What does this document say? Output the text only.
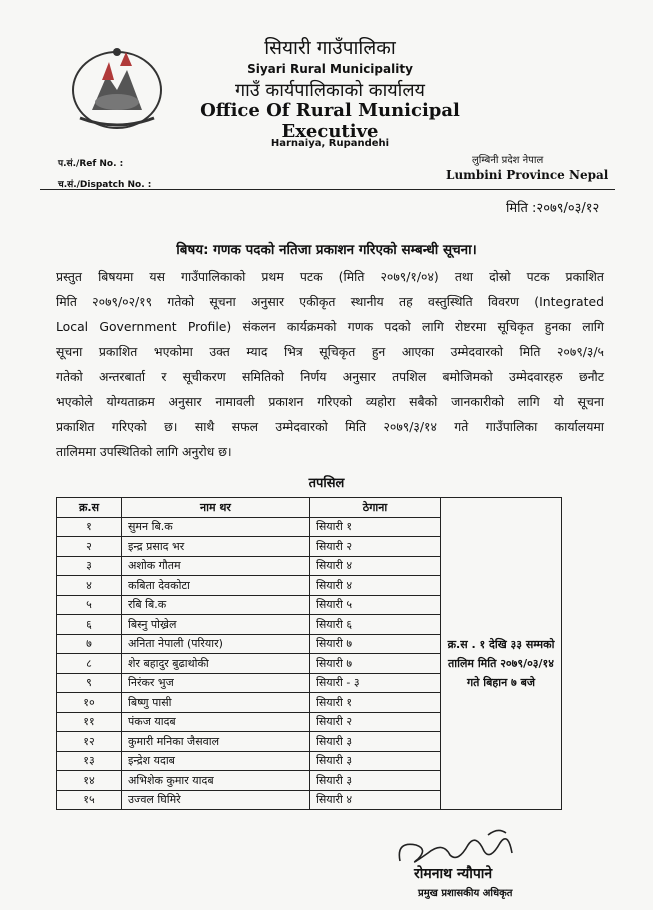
सियारी गाउँपालिका
Siyari Rural Municipality
गाउँ कार्यपालिकाको कार्यालय
Office Of Rural Municipal Executive
Harnaiya, Rupandehi
प.सं./Ref No. :
च.सं./Dispatch No. :
लुम्बिनी प्रदेश नेपाल
Lumbini Province Nepal
मिति :२०७९/०३/१२
बिषय: गणक पदको नतिजा प्रकाशन गरिएको सम्बन्धी सूचना।
प्रस्तुत बिषयमा यस गाउँपालिकाको प्रथम पटक (मिति २०७९/१/०४) तथा दोस्रो पटक प्रकाशित
मिति २०७९/०२/१९ गतेको सूचना अनुसार एकीकृत स्थानीय तह वस्तुस्थिति विवरण (Integrated
Local Government Profile) संकलन कार्यक्रमको गणक पदको लागि रोष्टरमा सूचिकृत हुनका लागि
सूचना प्रकाशित भएकोमा उक्त म्याद भित्र सूचिकृत हुन आएका उम्मेदवारको मिति २०७९/३/५
गतेको अन्तरबार्ता र सूचीकरण समितिको निर्णय अनुसार तपशिल बमोजिमको उम्मेदवारहरु छनौट
भएकोले योग्यताक्रम अनुसार नामावली प्रकाशन गरिएको व्यहोरा सबैको जानकारीको लागि यो सूचना
प्रकाशित गरिएको छ। साथै सफल उम्मेदवारको मिति २०७९/३/१४ गते गाउँपालिका कार्यालयमा
तालिममा उपस्थितिको लागि अनुरोध छ।
तपसिल
क्र.स	नाम थर	ठेगाना	
१	सुमन बि.क	सियारी १	क्र.स . १ देखि ३३ सम्मको तालिम मिति २०७९/०३/१४ गते बिहान ७ बजे
२	इन्द्र प्रसाद भर	सियारी २	
३	अशोक गौतम	सियारी ४	
४	कबिता देवकोटा	सियारी ४	
५	रबि बि.क	सियारी ५	
६	बिस्नु पोख्रेल	सियारी ६	
७	अनिता नेपाली (परियार)	सियारी ७	
८	शेर बहादुर बुढाथोकी	सियारी ७	
९	निरंकर भुज	सियारी - ३	
१०	बिष्णु पासी	सियारी १	
११	पंकज यादब	सियारी २	
१२	कुमारी मनिका जैसवाल	सियारी ३	
१३	इन्द्रेश यदाब	सियारी ३	
१४	अभिशेक कुमार यादब	सियारी ३	
१५	उज्वल घिमिरे	सियारी ४	
रोमनाथ न्यौपाने
प्रमुख प्रशासकीय अधिकृत
